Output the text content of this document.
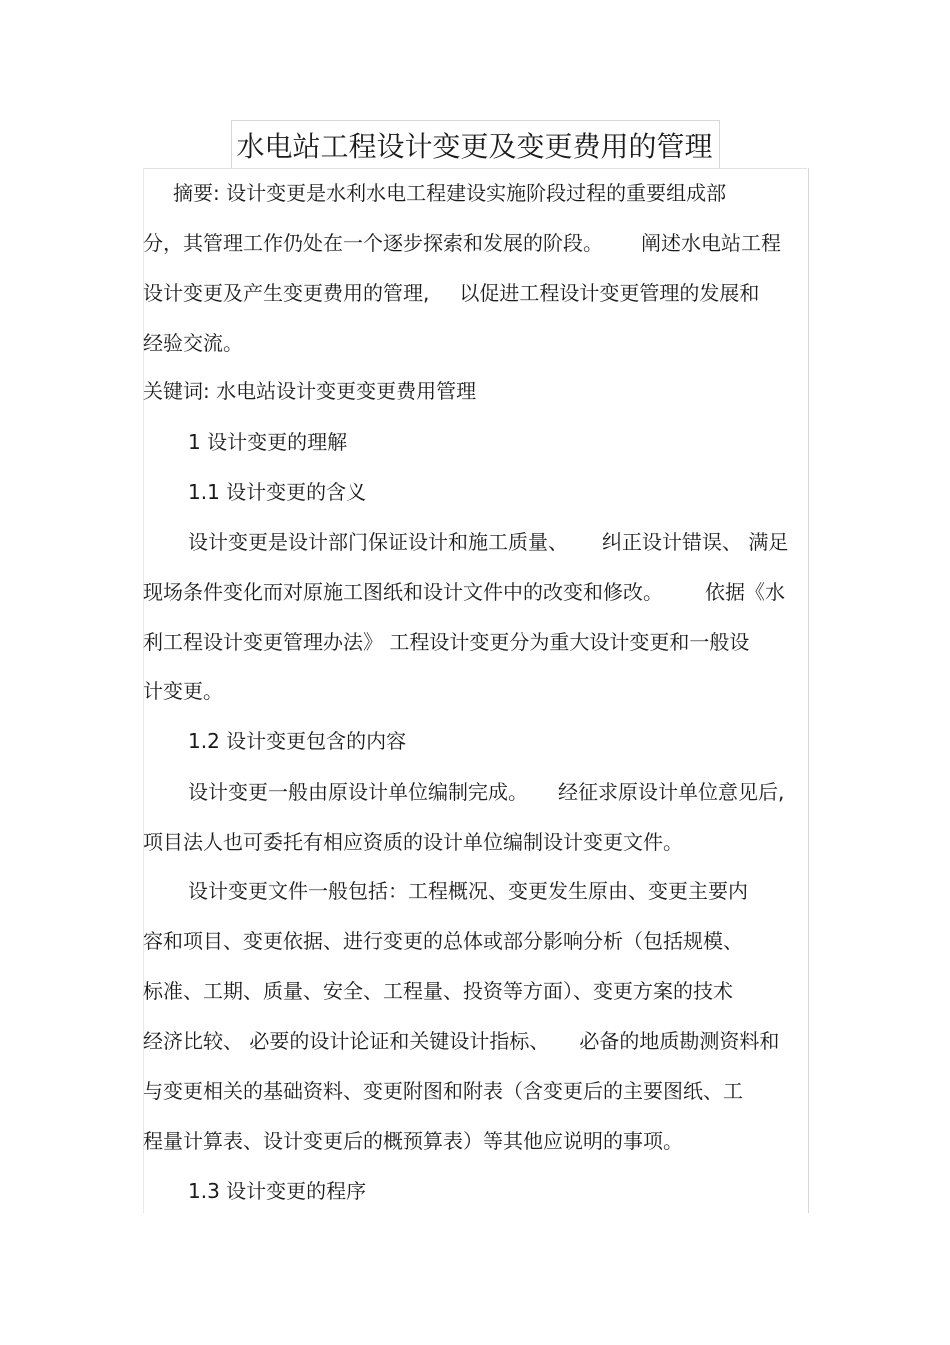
水电站工程设计变更及变更费用的管理
摘要: 设计变更是水利水电工程建设实施阶段过程的重要组成部
分，其管理工作仍处在一个逐步探索和发展的阶段。 阐述水电站工程
设计变更及产生变更费用的管理, 以促进工程设计变更管理的发展和
经验交流。
关键词: 水电站设计变更变更费用管理
1 设计变更的理解
1.1 设计变更的含义
设计变更是设计部门保证设计和施工质量、 纠正设计错误、 满足
现场条件变化而对原施工图纸和设计文件中的改变和修改。 依据《水
利工程设计变更管理办法》 工程设计变更分为重大设计变更和一般设
计变更。
1.2 设计变更包含的内容
设计变更一般由原设计单位编制完成。 经征求原设计单位意见后,
项目法人也可委托有相应资质的设计单位编制设计变更文件。
设计变更文件一般包括：工程概况、变更发生原由、变更主要内
容和项目、变更依据、进行变更的总体或部分影响分析（包括规模、
标准、工期、质量、安全、工程量、投资等方面）、变更方案的技术
经济比较、 必要的设计论证和关键设计指标、 必备的地质勘测资料和
与变更相关的基础资料、变更附图和附表（含变更后的主要图纸、工
程量计算表、设计变更后的概预算表）等其他应说明的事项。
1.3 设计变更的程序
